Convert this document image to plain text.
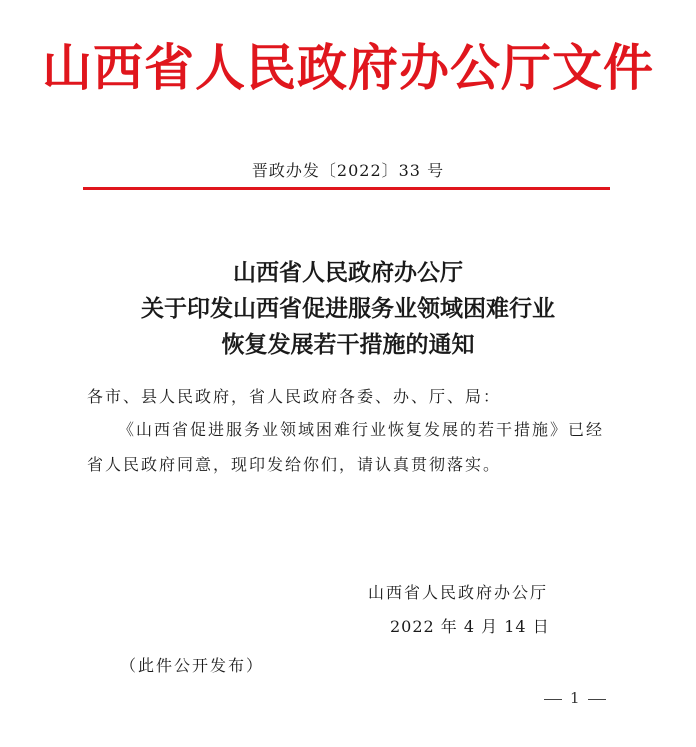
山西省人民政府办公厅文件
晋政办发〔2022〕33 号
山西省人民政府办公厅
关于印发山西省促进服务业领域困难行业
恢复发展若干措施的通知
各市、县人民政府，省人民政府各委、办、厅、局：
《山西省促进服务业领域困难行业恢复发展的若干措施》已经
省人民政府同意，现印发给你们，请认真贯彻落实。
山西省人民政府办公厅
2022 年 4 月 14 日
（此件公开发布）
1
